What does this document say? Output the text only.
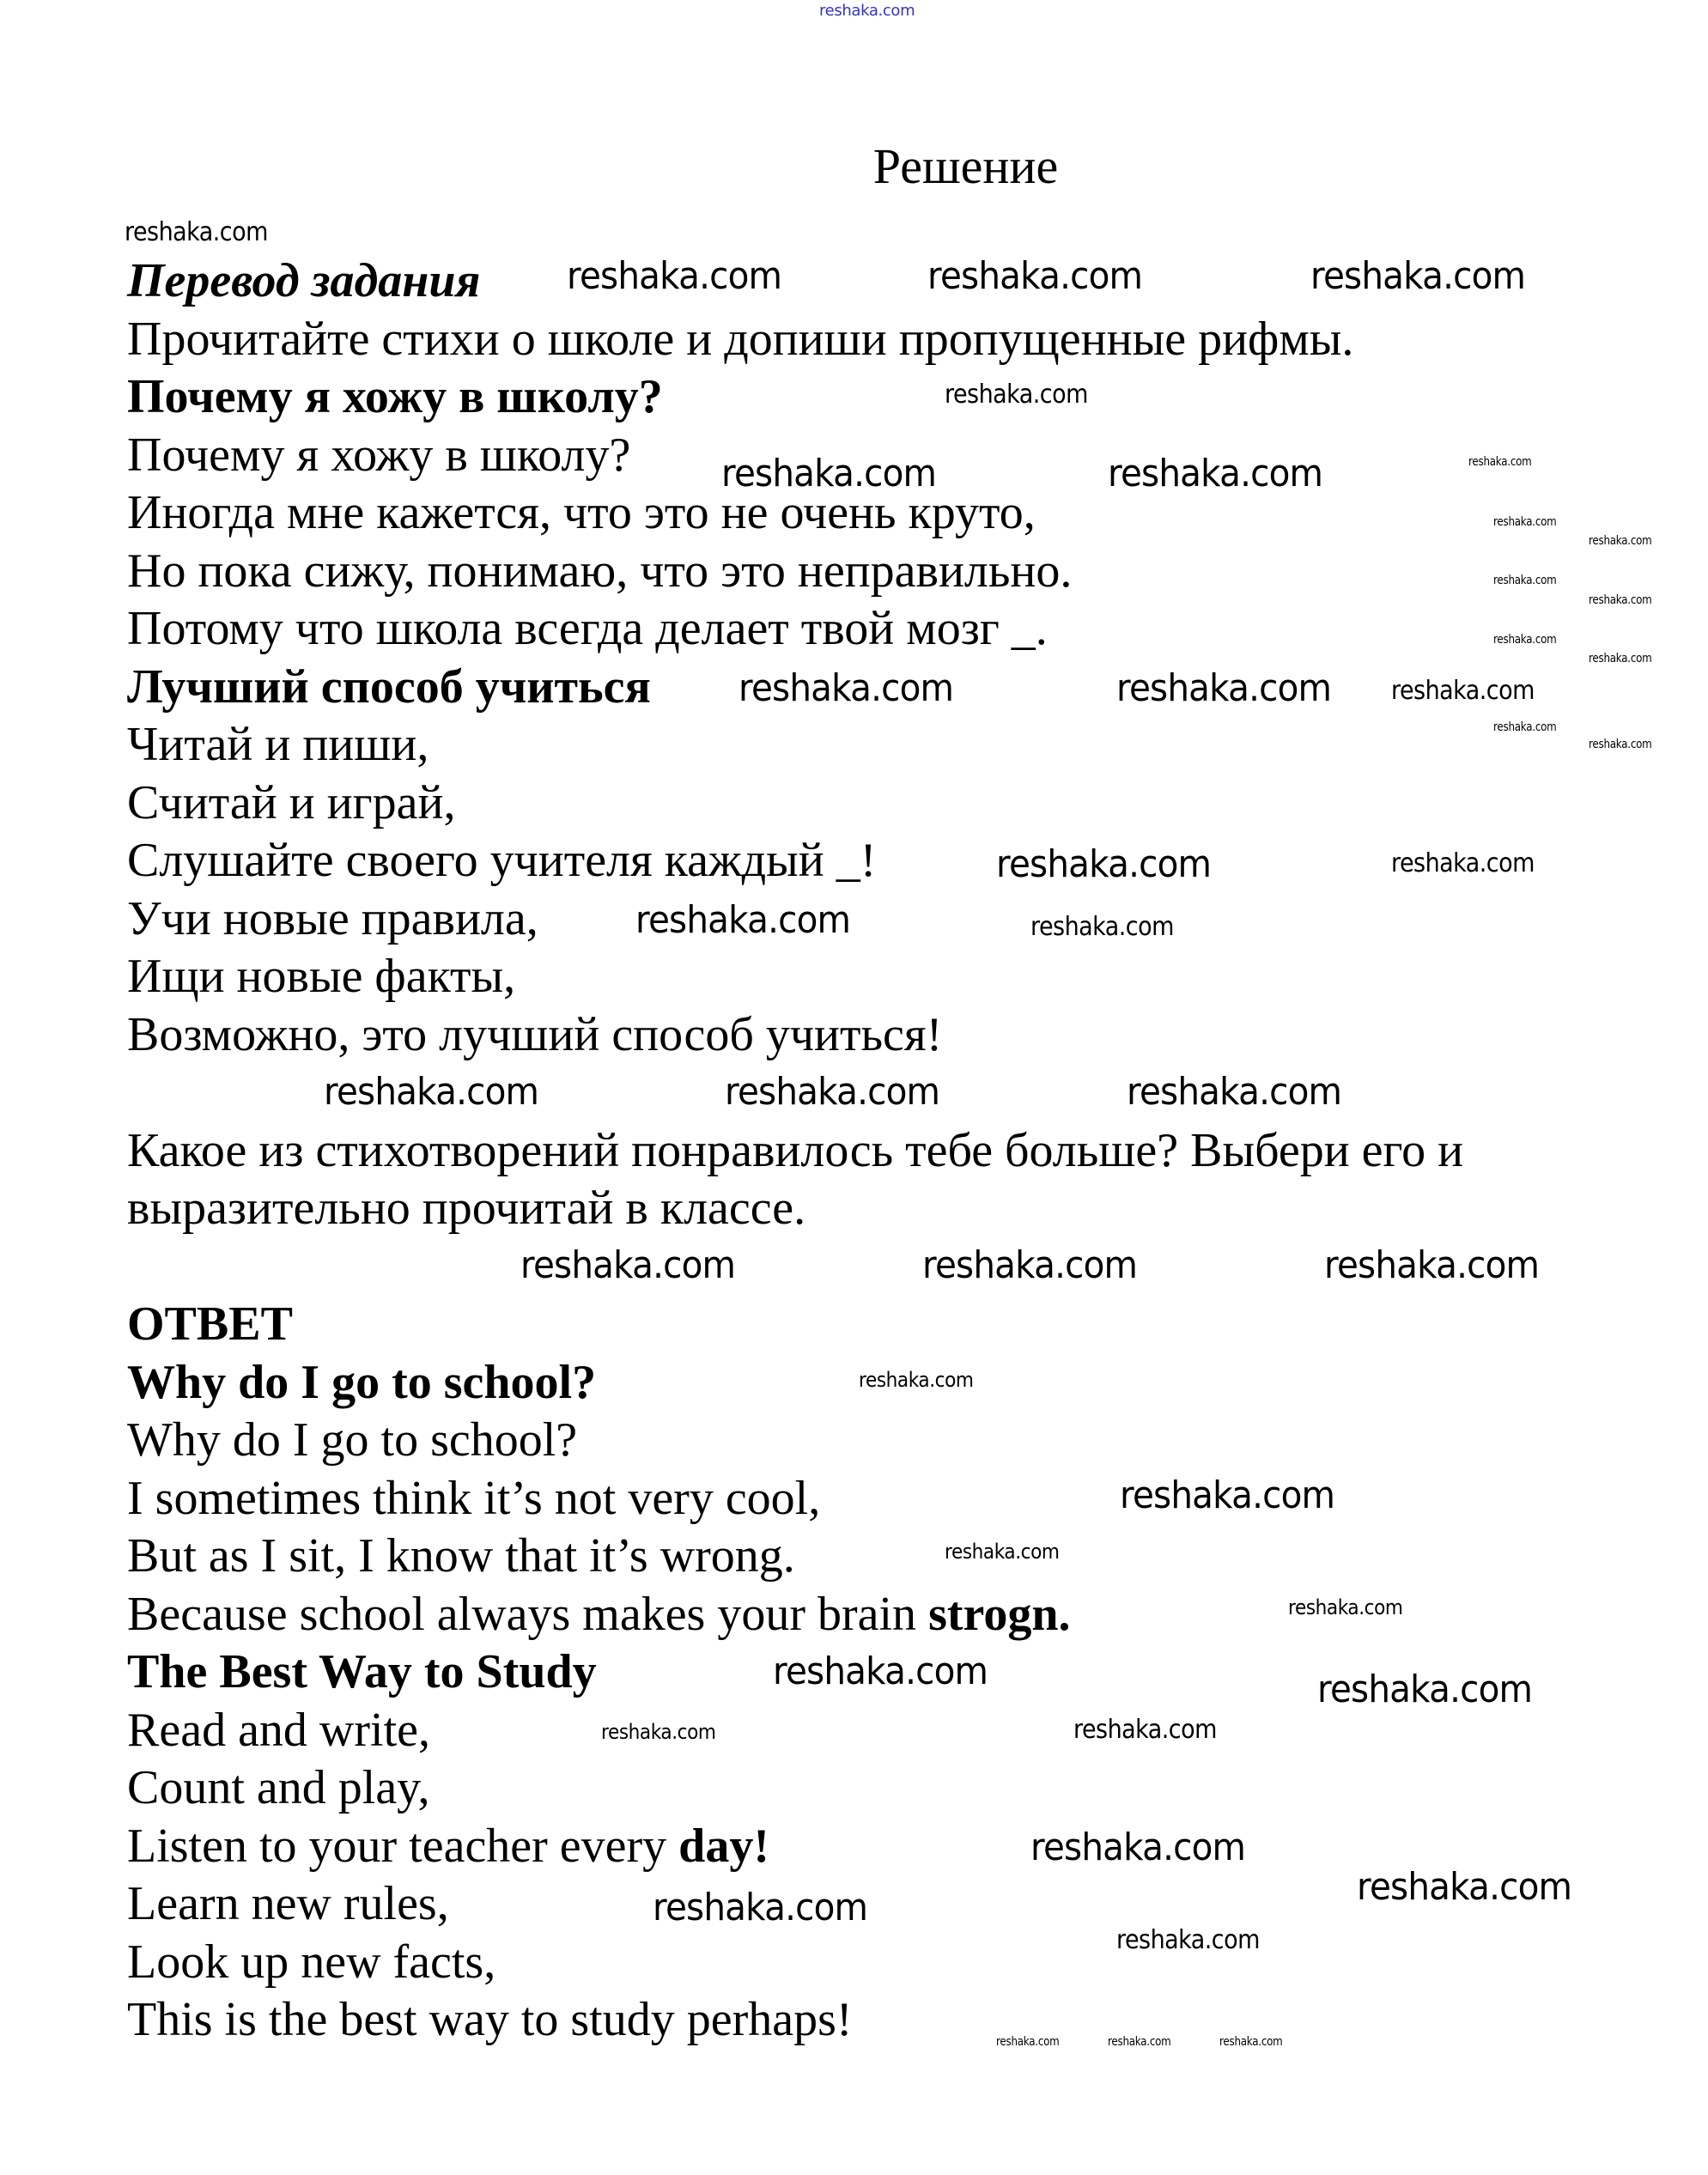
reshaka.com
Решение
Перевод задания
Прочитайте стихи о школе и допиши пропущенные рифмы.
Почему я хожу в школу?
Почему я хожу в школу?
Иногда мне кажется, что это не очень круто,
Но пока сижу, понимаю, что это неправильно.
Потому что школа всегда делает твой мозг _.
Лучший способ учиться
Читай и пиши,
Считай и играй,
Слушайте своего учителя каждый _!
Учи новые правила,
Ищи новые факты,
Возможно, это лучший способ учиться!
Какое из стихотворений понравилось тебе больше? Выбери его и
выразительно прочитай в классе.
ОТВЕТ
Why do I go to school?
Why do I go to school?
I sometimes think it’s not very cool,
But as I sit, I know that it’s wrong.
Because school always makes your brain strogn.
The Best Way to Study
Read and write,
Count and play,
Listen to your teacher every day!
Learn new rules,
Look up new facts,
This is the best way to study perhaps!
reshaka.com	reshaka.com	reshaka.com
reshaka.com	reshaka.com
reshaka.com	reshaka.com
reshaka.com
reshaka.com
reshaka.com
reshaka.com	reshaka.com
reshaka.com	reshaka.com	reshaka.com
reshaka.com
reshaka.com	reshaka.com
reshaka.com
reshaka.com	reshaka.com
reshaka.com
reshaka.com
reshaka.com
reshaka.com
reshaka.com
reshaka.com
reshaka.com
reshaka.com
reshaka.com
reshaka.com
reshaka.com
reshaka.com
reshaka.com
reshaka.com
reshaka.com
reshaka.com
reshaka.com
reshaka.com
reshaka.com
reshaka.com
reshaka.com
reshaka.com	reshaka.com
